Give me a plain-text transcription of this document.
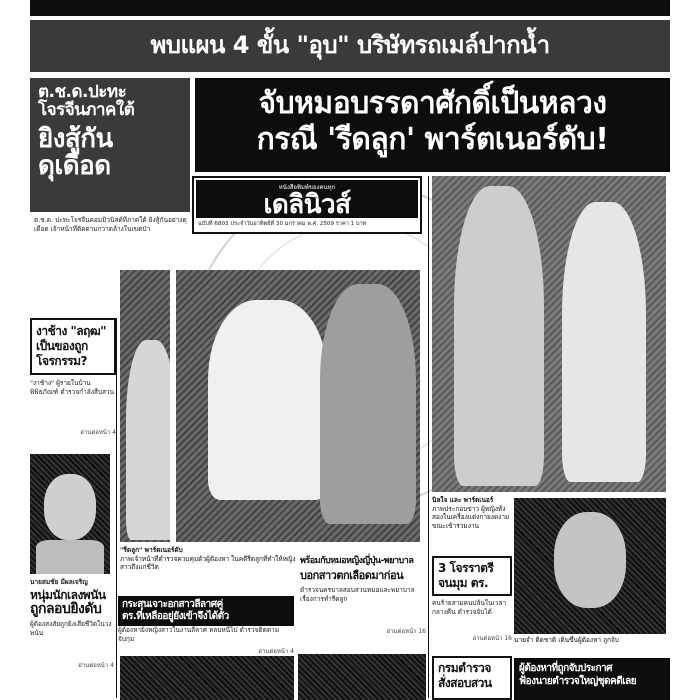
พบแผน 4 ขั้น "อุบ" บริษัทรถเมล์ปากน้ำ
ต.ช.ด.ปะทะ
โจรจีนภาคใต้
ยิงสู้กัน
ดุเดือด
จับหมอบรรดาศักดิ์เป็นหลวง
กรณี 'รีดลูก' พาร์ตเนอร์ดับ!
หนังสือพิมพ์ของคนทุก
เดลินิวส์
ฉบับที่ 6803 ประจำวันอาทิตย์ที่ 30 มกราคม พ.ศ. 2509 ราคา 1 บาท
ต.ช.ด. ปะทะโจรจีนคอมมิวนิสต์ที่ภาคใต้ ยิงสู้กันอย่างดุเดือด เจ้าหน้าที่ติดตามกวาดล้างในเขตป่า
งาช้าง "ลฤฒ" เป็นของถูกโจรกรรม?
"งาช้าง" ผู้รายในบ้าน พิพิธภัณฑ์ ตำรวจกำลังสืบสวน
อ่านต่อหน้า 4
นายสมชัย มีผลเจริญ
หนุ่มนักเลงพนัน
ถูกลอบยิงดับ
ผู้ต้องสงสัยถูกยิงเสียชีวิตในวงพนัน
อ่านต่อหน้า 4
"รีดลูก" พาร์ตเนอร์ดับ
ภาพเจ้าหน้าที่ตำรวจควบคุมตัวผู้ต้องหา ในคดีรีดลูกที่ทำให้หญิงสาวถึงแก่ชีวิต
นิลใจ และ พาร์ตเนอร์
ภาพประกอบข่าว ผู้หญิงทั้งสองในเครื่องแต่งกายงดงาม ขณะเข้าร่วมงาน
นายจำ ติดชาติ เดินขึ้นผู้ต้องหา ถูกจับ
พร้อมกับหมอหญิงญี่ปุ่น-พยาบาล
บอกสาวตกเลือดมาก่อน
ตำรวจนครบาลสอบสวนหมอและพยาบาล เรื่องการทำรีดลูก
อ่านต่อหน้า 16
กระสุนเจาะอกสาวลีลาศคู่
ตร.ที่เหลืออยู่ยังเข้าจึงได้ตัว
ผู้ต้องหายิงหญิงสาวในงานลีลาศ หลบหนีไป ตำรวจติดตามจับกุม
อ่านต่อหน้า 4
3 โจรราตรี
จนมุม ตร.
คนร้ายสามคนปล้นในเวลากลางคืน ตำรวจจับได้
อ่านต่อหน้า 16
กรมตำรวจ
สั่งสอบสวน
ผู้ต้องหาที่ถูกจับประกาศ
ฟ้องนายตำรวจใหญ่ชุดคดีเลย
